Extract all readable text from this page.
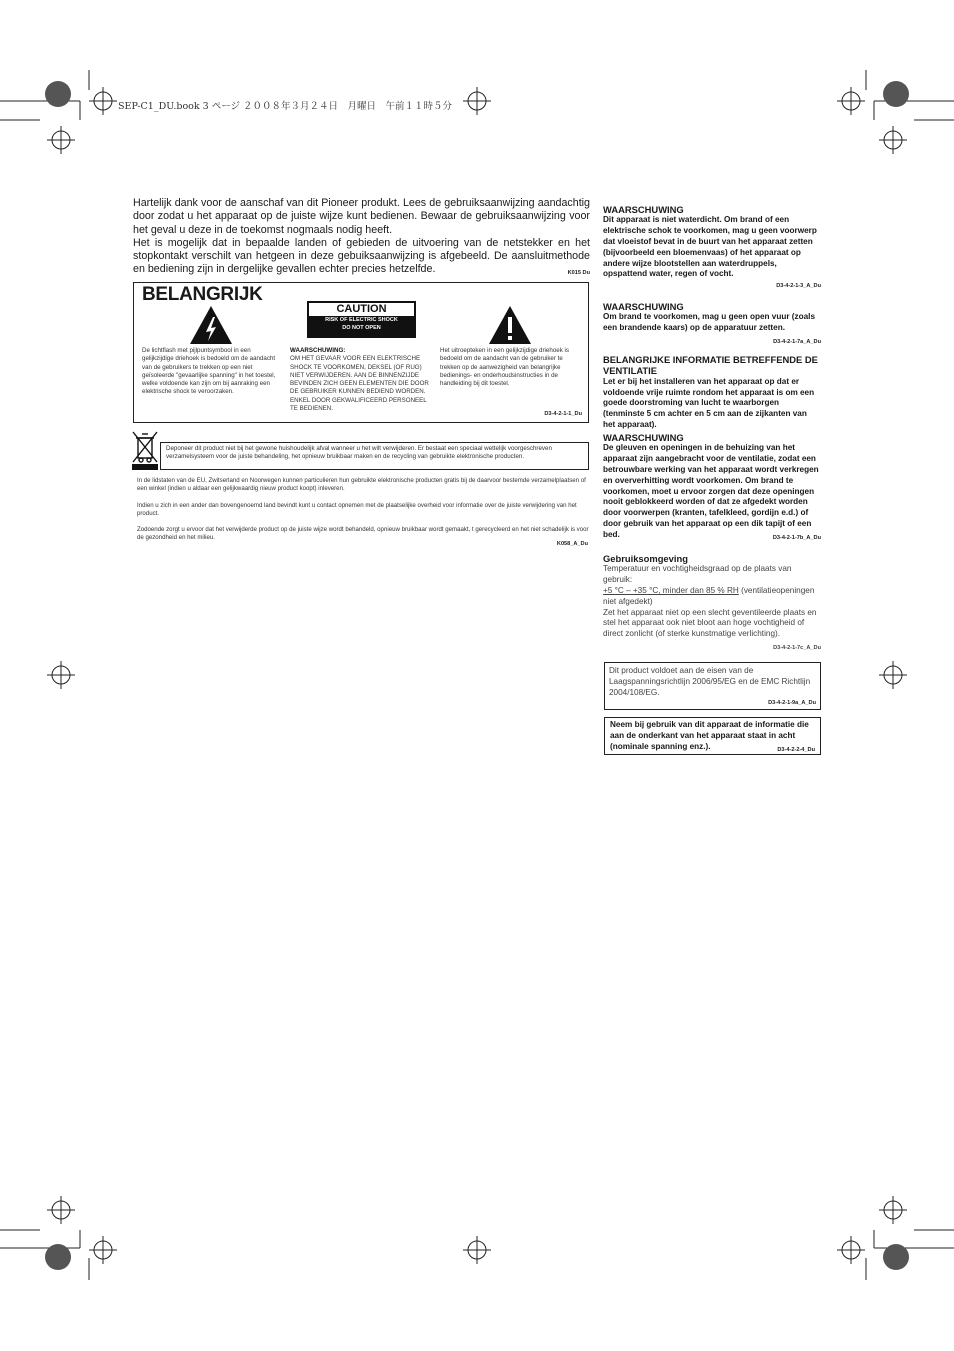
SEP-C1_DU.book 3 ページ ２００８年３月２４日　月曜日　午前１１時５分

Hartelijk dank voor de aanschaf van dit Pioneer produkt. Lees de gebruiksaanwijzing aandachtig door zodat u het apparaat op de juiste wijze kunt bedienen. Bewaar de gebruiksaanwijzing voor het geval u deze in de toekomst nogmaals nodig heeft.

Het is mogelijk dat in bepaalde landen of gebieden de uitvoering van de netstekker en het stopkontakt verschilt van hetgeen in deze gebuiksaanwijzing is afgebeeld. De aansluitmethode en bediening zijn in dergelijke gevallen echter precies hetzelfde.	K015 Du

BELANGRIJK
CAUTION
RISK OF ELECTRIC SHOCK
DO NOT OPEN
De lichtflash met pijlpuntsymbool in een gelijkzijdige driehoek is bedoeld om de aandacht van de gebruikers te trekken op een niet geïsoleerde "gevaarlijke spanning" in het toestel, welke voldoende kan zijn om bij aanraking een elektrische shock te veroorzaken.
WAARSCHUWING:
OM HET GEVAAR VOOR EEN ELEKTRISCHE SHOCK TE VOORKOMEN, DEKSEL (OF RUG) NIET VERWIJDEREN. AAN DE BINNENZIJDE BEVINDEN ZICH GEEN ELEMENTEN DIE DOOR DE GEBRUIKER KUNNEN BEDIEND WORDEN. ENKEL DOOR GEKWALIFICEERD PERSONEEL TE BEDIENEN.
Het uitroepteken in een gelijkzijdige driehoek is bedoeld om de aandacht van de gebruiker te trekken op de aanwezigheid van belangrijke bedienings- en onderhoudsinstructies in de handleiding bij dit toestel.
D3-4-2-1-1_Du
Deponeer dit product niet bij het gewone huishoudelijk afval wanneer u het wilt verwijderen. Er bestaat een speciaal wettelijk voorgeschreven verzamelsysteem voor de juiste behandeling, het opnieuw bruikbaar maken en de recycling van gebruikte elektronische producten.
In de lidstaten van de EU, Zwitserland en Noorwegen kunnen particulieren hun gebruikte elektronische producten gratis bij de daarvoor bestemde verzamelplaatsen of een winkel (indien u aldaar een gelijkwaardig nieuw product koopt) inleveren.
Indien u zich in een ander dan bovengenoemd land bevindt kunt u contact opnemen met de plaatselijke overheid voor informatie over de juiste verwijdering van het product.
Zodoende zorgt u ervoor dat het verwijderde product op de juiste wijze wordt behandeld, opnieuw bruikbaar wordt gemaakt, t gerecycleerd en het niet schadelijk is voor de gezondheid en het milieu.
K058_A_Du
WAARSCHUWING
Dit apparaat is niet waterdicht. Om brand of een elektrische schok te voorkomen, mag u geen voorwerp dat vloeistof bevat in de buurt van het apparaat zetten (bijvoorbeeld een bloemenvaas) of het apparaat op andere wijze blootstellen aan waterdruppels, opspattend water, regen of vocht.
D3-4-2-1-3_A_Du
WAARSCHUWING
Om brand te voorkomen, mag u geen open vuur (zoals een brandende kaars) op de apparatuur zetten.
D3-4-2-1-7a_A_Du
BELANGRIJKE INFORMATIE BETREFFENDE DE VENTILATIE
Let er bij het installeren van het apparaat op dat er voldoende vrije ruimte rondom het apparaat is om een goede doorstroming van lucht te waarborgen (tenminste 5 cm achter en 5 cm aan de zijkanten van het apparaat).
WAARSCHUWING
De gleuven en openingen in de behuizing van het apparaat zijn aangebracht voor de ventilatie, zodat een betrouwbare werking van het apparaat wordt verkregen en oververhitting wordt voorkomen. Om brand te voorkomen, moet u ervoor zorgen dat deze openingen nooit geblokkeerd worden of dat ze afgedekt worden door voorwerpen (kranten, tafelkleed, gordijn e.d.) of door gebruik van het apparaat op een dik tapijt of een bed.	D3-4-2-1-7b_A_Du
Gebruiksomgeving
Temperatuur en vochtigheidsgraad op de plaats van gebruik:
+5 °C – +35 °C, minder dan 85 % RH (ventilatieopeningen niet afgedekt)
Zet het apparaat niet op een slecht geventileerde plaats en stel het apparaat ook niet bloot aan hoge vochtigheid of direct zonlicht (of sterke kunstmatige verlichting).
D3-4-2-1-7c_A_Du
Dit product voldoet aan de eisen van de Laagspanningsrichtlijn 2006/95/EG en de EMC Richtlijn 2004/108/EG.
D3-4-2-1-9a_A_Du
Neem bij gebruik van dit apparaat de informatie die aan de onderkant van het apparaat staat in acht (nominale spanning enz.).	D3-4-2-2-4_Du
